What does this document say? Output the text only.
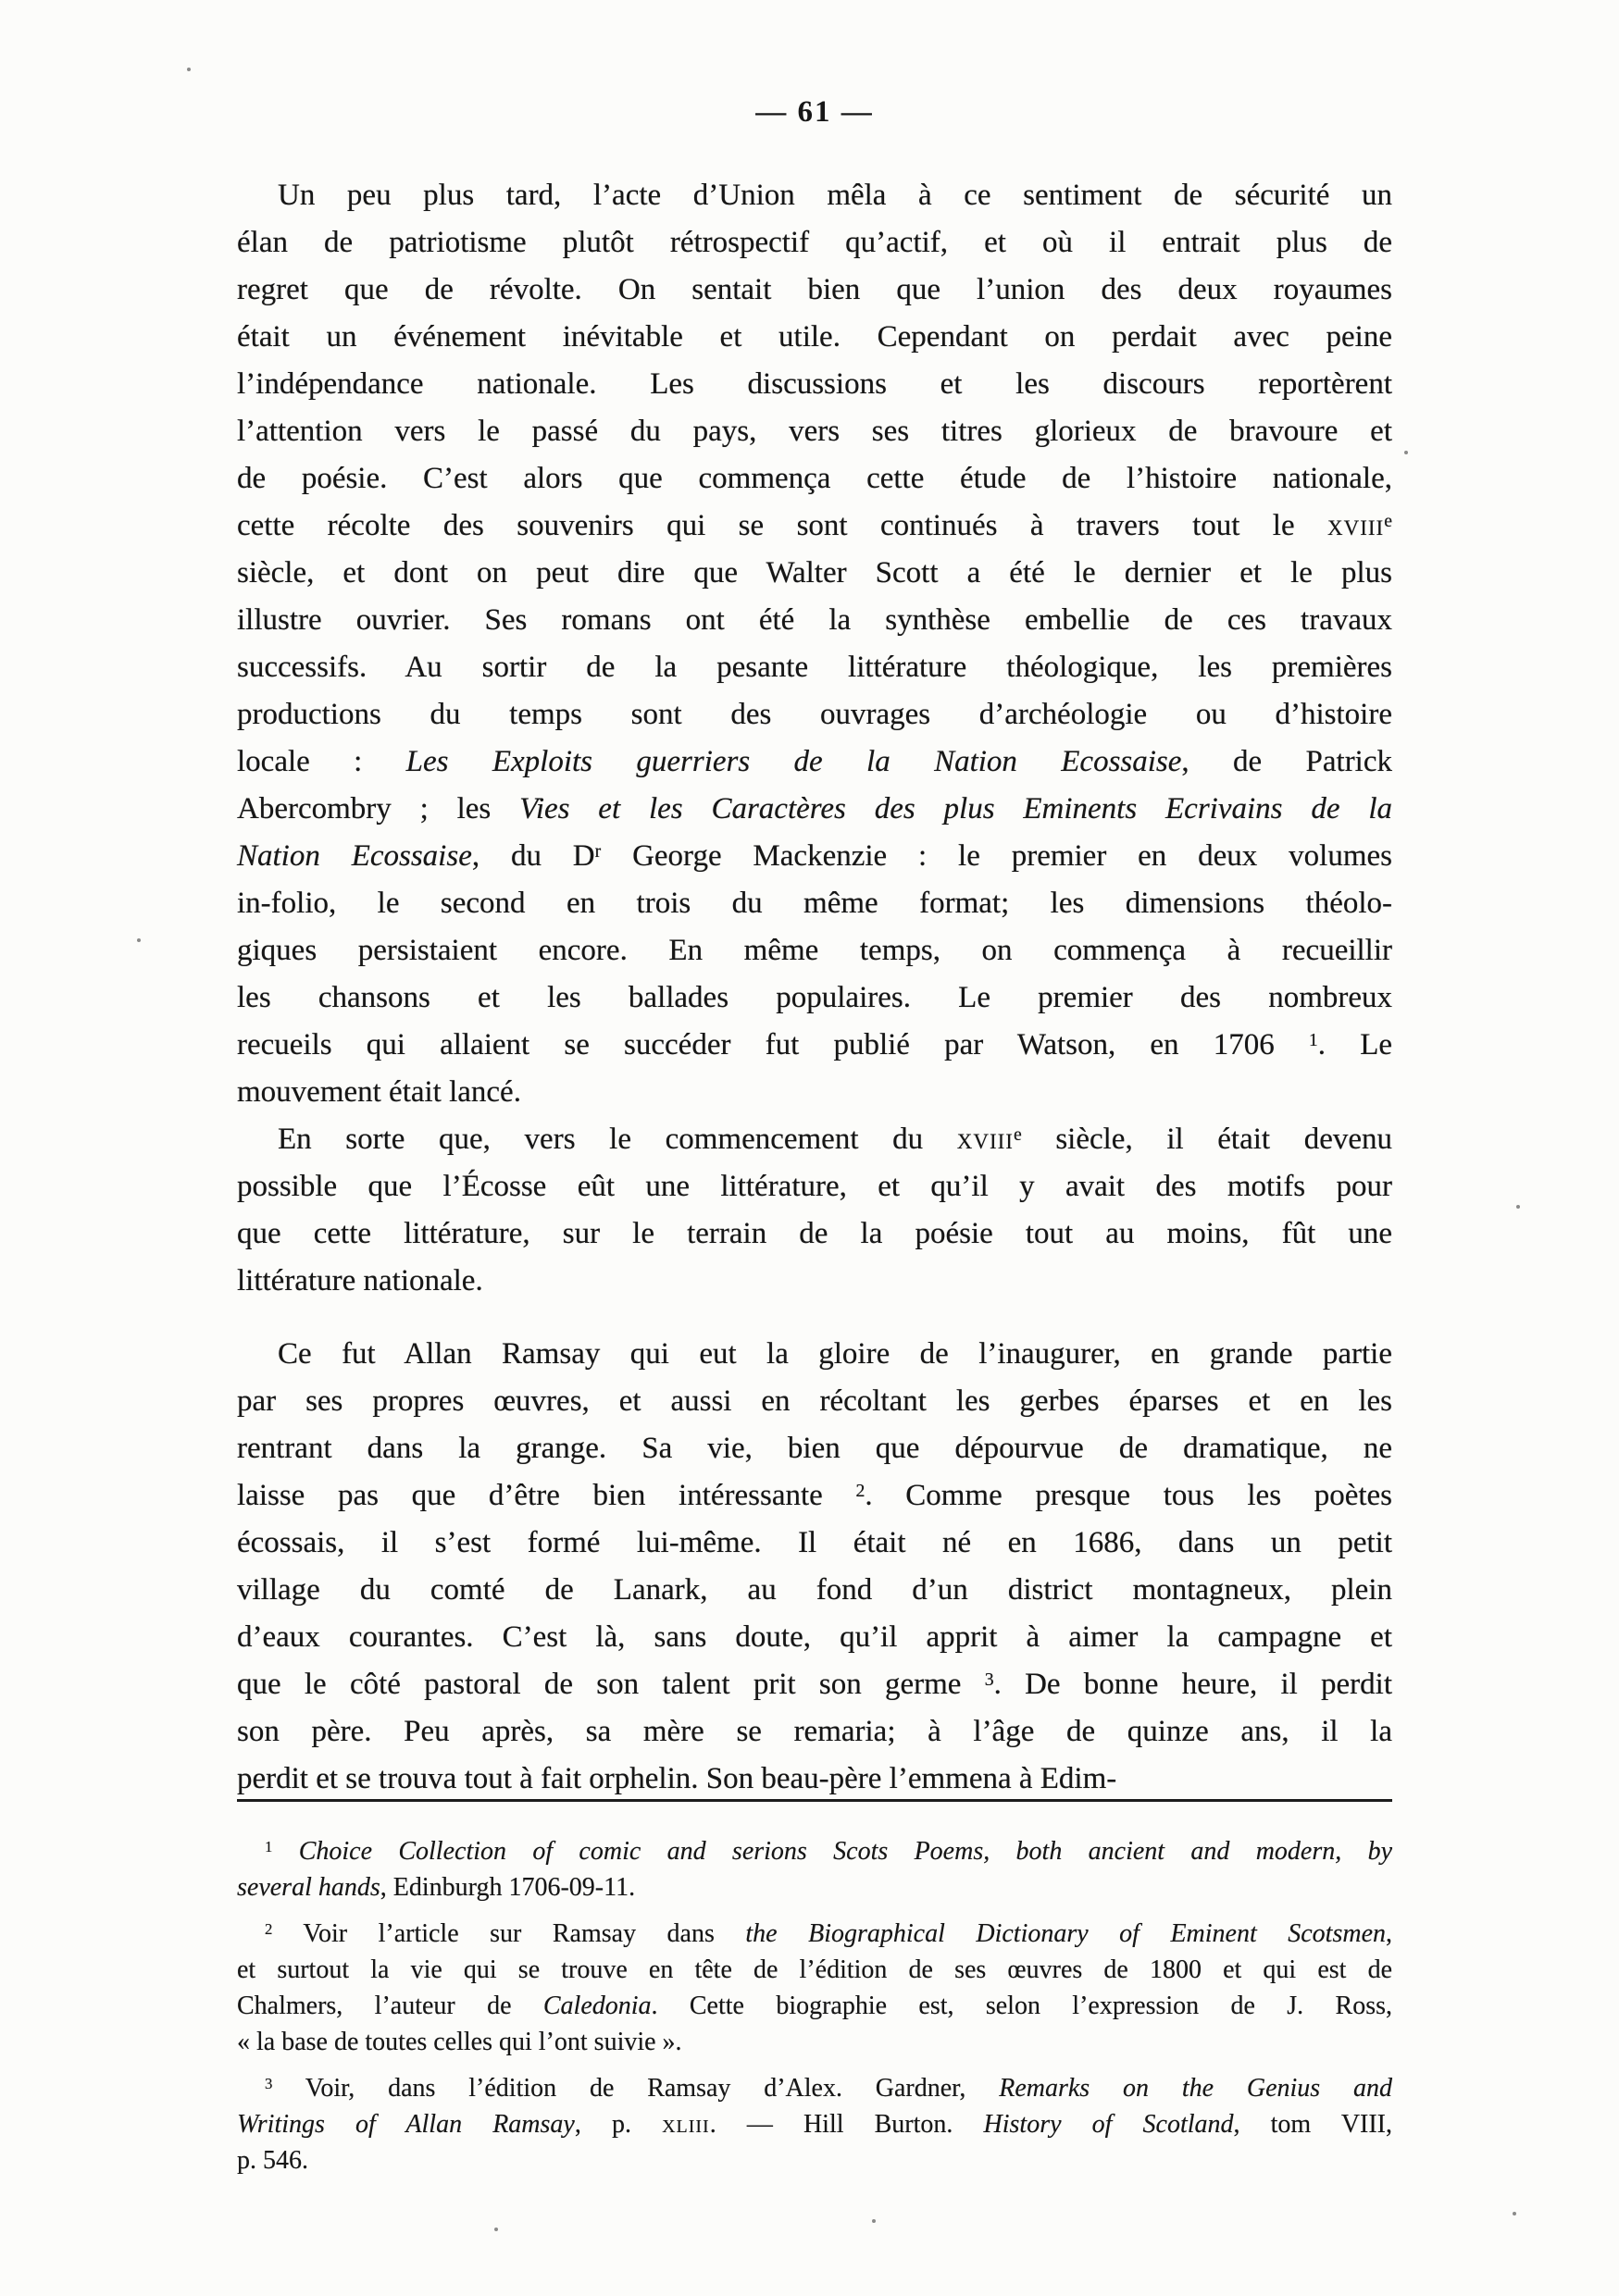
— 61 —
Un peu plus tard, l’acte d’Union mêla à ce sentiment de sécurité un
élan de patriotisme plutôt rétrospectif qu’actif, et où il entrait plus de
regret que de révolte. On sentait bien que l’union des deux royaumes
était un événement inévitable et utile. Cependant on perdait avec peine
l’indépendance nationale. Les discussions et les discours reportèrent
l’attention vers le passé du pays, vers ses titres glorieux de bravoure et
de poésie. C’est alors que commença cette étude de l’histoire nationale,
cette récolte des souvenirs qui se sont continués à travers tout le xviii$^e$
siècle, et dont on peut dire que Walter Scott a été le dernier et le plus
illustre ouvrier. Ses romans ont été la synthèse embellie de ces travaux
successifs. Au sortir de la pesante littérature théologique, les premières
productions du temps sont des ouvrages d’archéologie ou d’histoire
locale : Les Exploits guerriers de la Nation Ecossaise, de Patrick
Abercombry ; les Vies et les Caractères des plus Eminents Ecrivains de la
Nation Ecossaise, du $D^r$ George Mackenzie : le premier en deux volumes
in-folio, le second en trois du même format; les dimensions théolo-
giques persistaient encore. En même temps, on commença à recueillir
les chansons et les ballades populaires. Le premier des nombreux
recueils qui allaient se succéder fut publié par Watson, en 1706 $^1$. Le
mouvement était lancé.
En sorte que, vers le commencement du xviii$^e$ siècle, il était devenu
possible que l’Écosse eût une littérature, et qu’il y avait des motifs pour
que cette littérature, sur le terrain de la poésie tout au moins, fût une
littérature nationale.
Ce fut Allan Ramsay qui eut la gloire de l’inaugurer, en grande partie
par ses propres œuvres, et aussi en récoltant les gerbes éparses et en les
rentrant dans la grange. Sa vie, bien que dépourvue de dramatique, ne
laisse pas que d’être bien intéressante $^2$. Comme presque tous les poètes
écossais, il s’est formé lui-même. Il était né en 1686, dans un petit
village du comté de Lanark, au fond d’un district montagneux, plein
d’eaux courantes. C’est là, sans doute, qu’il apprit à aimer la campagne et
que le côté pastoral de son talent prit son germe $^3$. De bonne heure, il perdit
son père. Peu après, sa mère se remaria; à l’âge de quinze ans, il la
perdit et se trouva tout à fait orphelin. Son beau-père l’emmena à Edim-
$^1$ Choice Collection of comic and serions Scots Poems, both ancient and modern, by
several hands, Edinburgh 1706-09-11.
$^2$ Voir l’article sur Ramsay dans the Biographical Dictionary of Eminent Scotsmen,
et surtout la vie qui se trouve en tête de l’édition de ses œuvres de 1800 et qui est de
Chalmers, l’auteur de Caledonia. Cette biographie est, selon l’expression de J. Ross,
« la base de toutes celles qui l’ont suivie ».
$^3$ Voir, dans l’édition de Ramsay d’Alex. Gardner, Remarks on the Genius and
Writings of Allan Ramsay, p. xliii. — Hill Burton. History of Scotland, tom VIII,
p. 546.
